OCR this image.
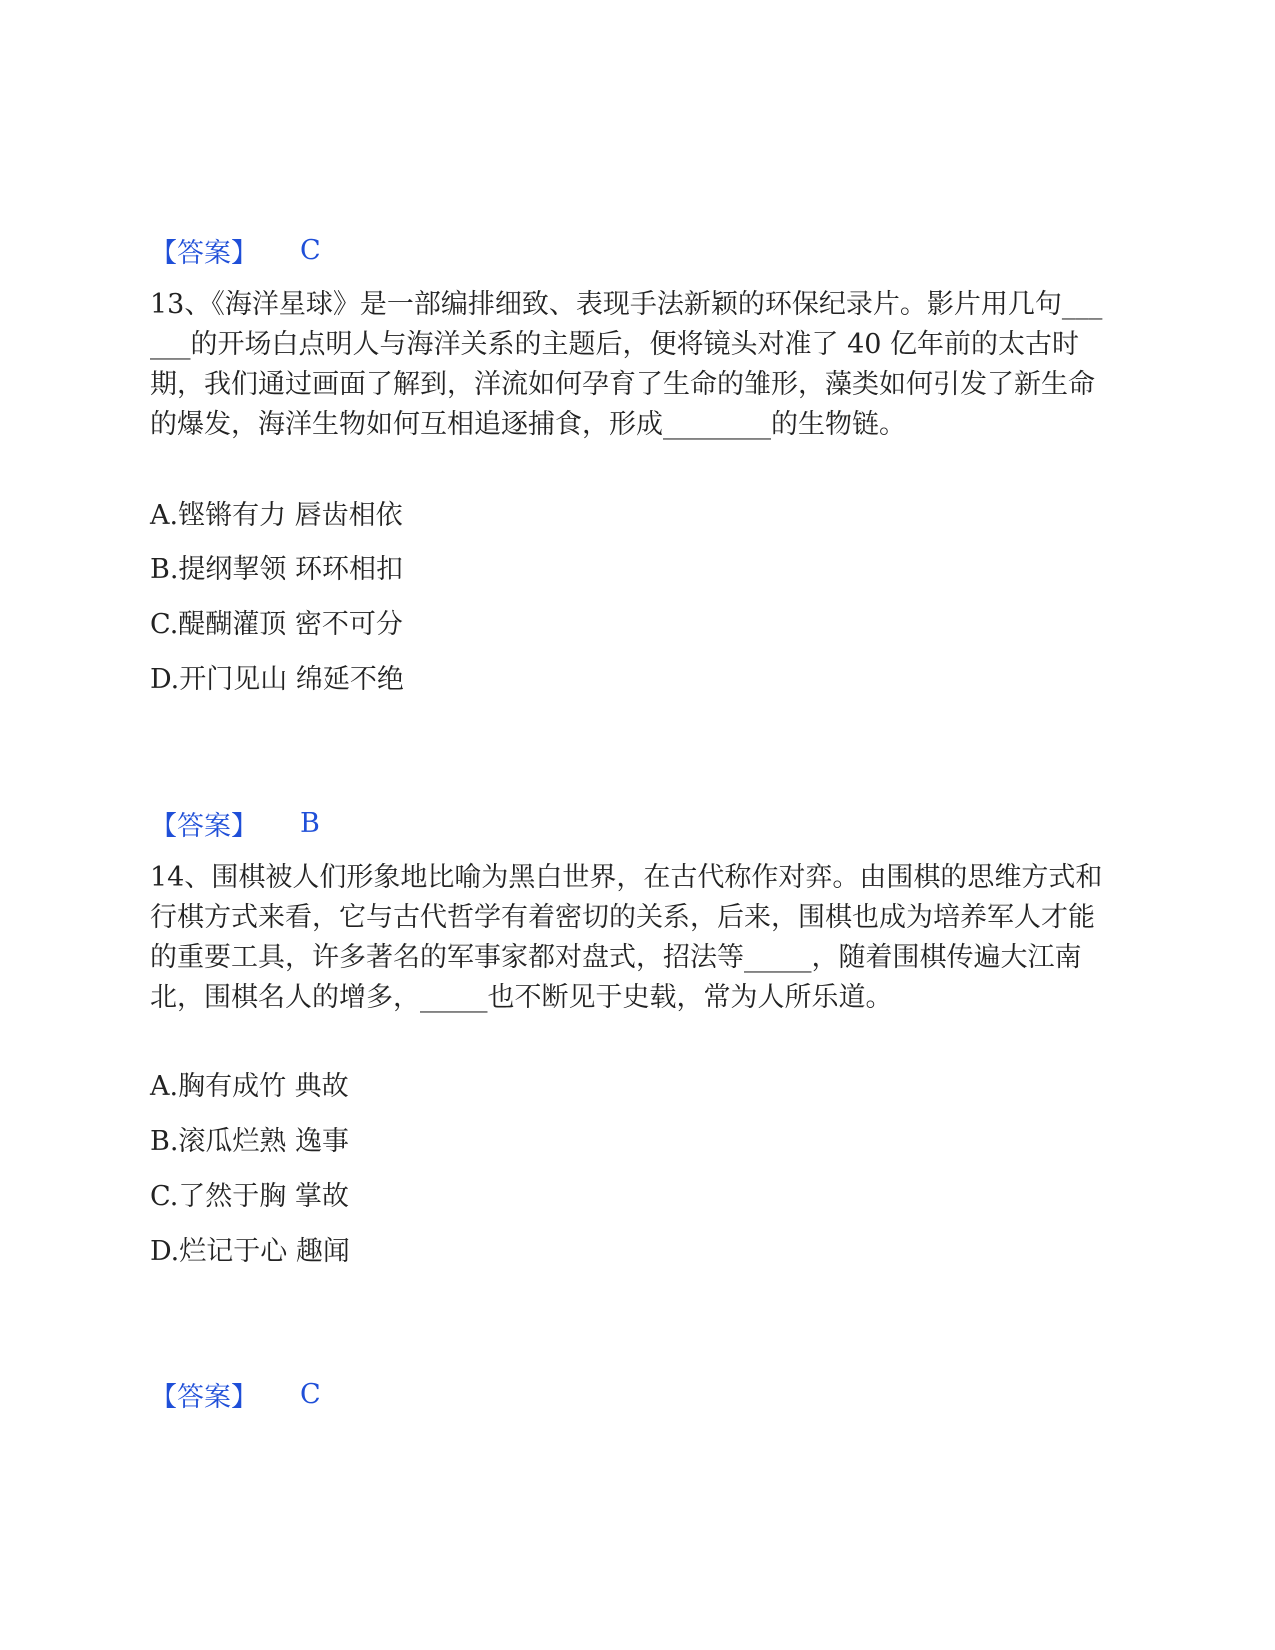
【答案】	C

13、《海洋星球》是一部编排细致、表现手法新颖的环保纪录片。影片用几句______的开场白点明人与海洋关系的主题后，便将镜头对准了 40 亿年前的太古时期，我们通过画面了解到，洋流如何孕育了生命的雏形，藻类如何引发了新生命的爆发，海洋生物如何互相追逐捕食，形成________的生物链。

A.铿锵有力 唇齿相依
B.提纲挈领 环环相扣
C.醍醐灌顶 密不可分
D.开门见山 绵延不绝
【答案】	B

14、围棋被人们形象地比喻为黑白世界，在古代称作对弈。由围棋的思维方式和行棋方式来看，它与古代哲学有着密切的关系，后来，围棋也成为培养军人才能的重要工具，许多著名的军事家都对盘式，招法等_____，随着围棋传遍大江南北，围棋名人的增多，_____也不断见于史载，常为人所乐道。

A.胸有成竹 典故
B.滚瓜烂熟 逸事
C.了然于胸 掌故
D.烂记于心 趣闻
【答案】	C
